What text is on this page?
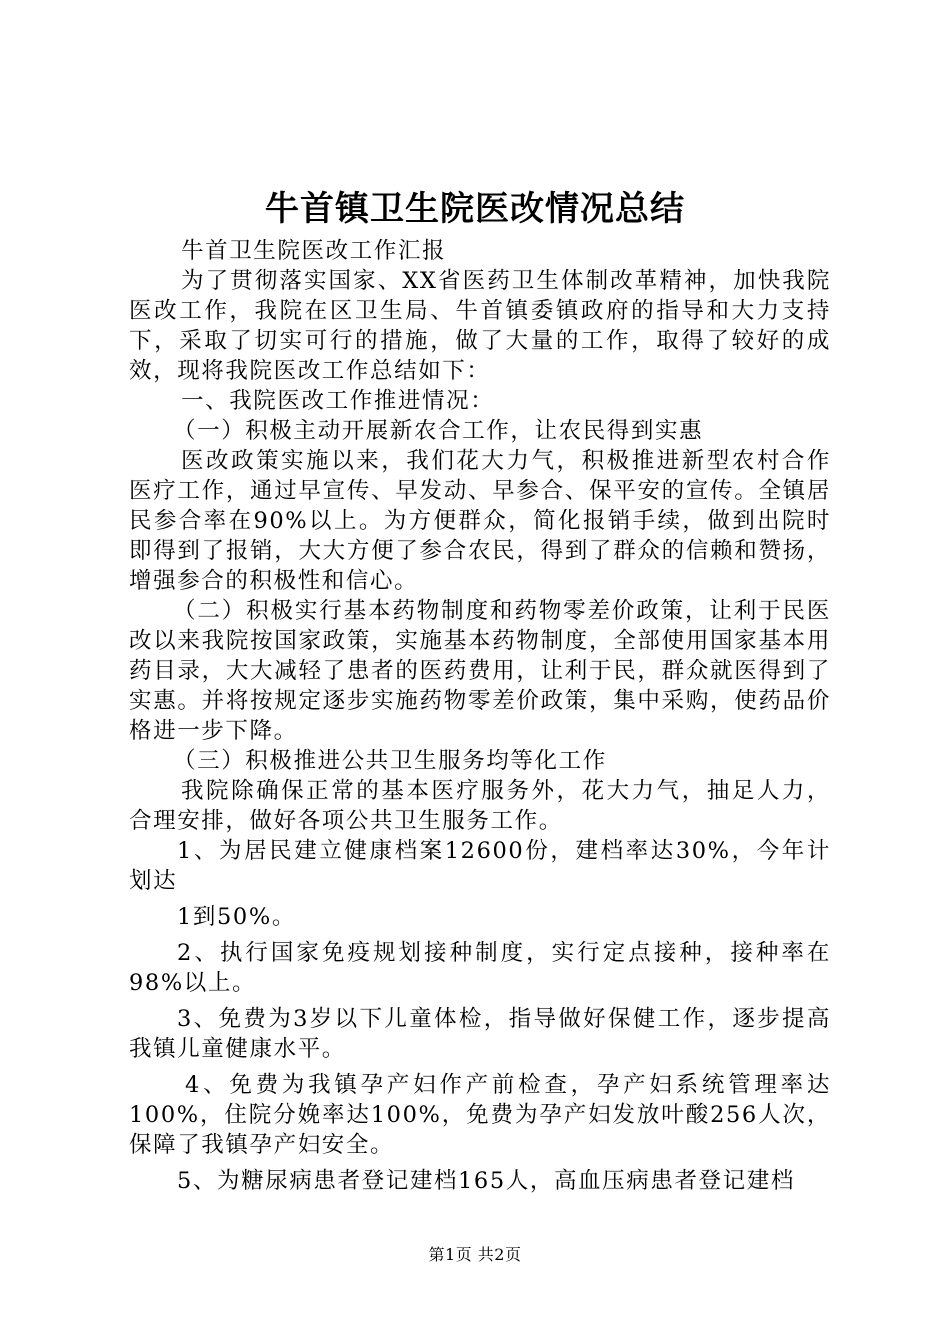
牛首镇卫生院医改情况总结

牛首卫生院医改工作汇报

为了贯彻落实国家、XX省医药卫生体制改革精神，加快我院医改工作，我院在区卫生局、牛首镇委镇政府的指导和大力支持下，采取了切实可行的措施，做了大量的工作，取得了较好的成效，现将我院医改工作总结如下：

一、我院医改工作推进情况：

（一）积极主动开展新农合工作，让农民得到实惠

医改政策实施以来，我们花大力气，积极推进新型农村合作医疗工作，通过早宣传、早发动、早参合、保平安的宣传。全镇居民参合率在90%以上。为方便群众，简化报销手续，做到出院时即得到了报销，大大方便了参合农民，得到了群众的信赖和赞扬，增强参合的积极性和信心。

（二）积极实行基本药物制度和药物零差价政策，让利于民医改以来我院按国家政策，实施基本药物制度，全部使用国家基本用药目录，大大减轻了患者的医药费用，让利于民，群众就医得到了实惠。并将按规定逐步实施药物零差价政策，集中采购，使药品价格进一步下降。

（三）积极推进公共卫生服务均等化工作

我院除确保正常的基本医疗服务外，花大力气，抽足人力，合理安排，做好各项公共卫生服务工作。

1、为居民建立健康档案12600份，建档率达30%，今年计划达

1到50%。

2、执行国家免疫规划接种制度，实行定点接种，接种率在98%以上。

3、免费为3岁以下儿童体检，指导做好保健工作，逐步提高我镇儿童健康水平。

4、免费为我镇孕产妇作产前检查，孕产妇系统管理率达100%，住院分娩率达100%，免费为孕产妇发放叶酸256人次，保障了我镇孕产妇安全。

5、为糖尿病患者登记建档165人，高血压病患者登记建档

第1页 共2页
